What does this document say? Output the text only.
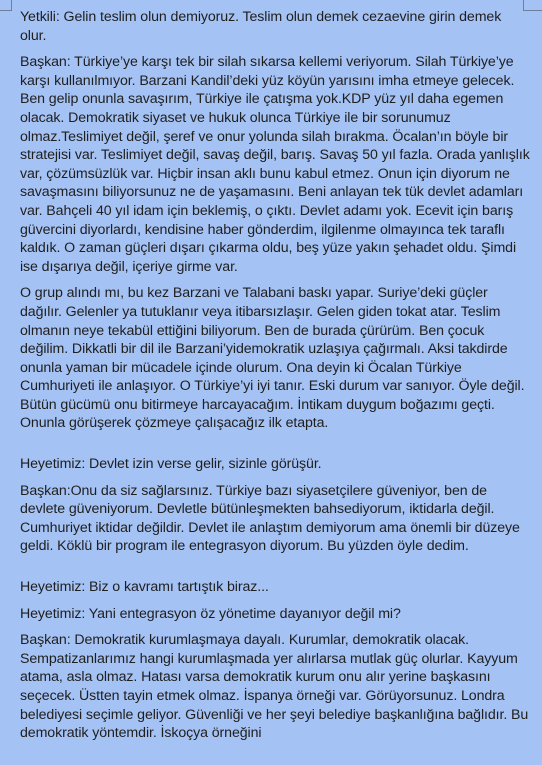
Yetkili: Gelin teslim olun demiyoruz. Teslim olun demek cezaevine girin demek olur.

Başkan: Türkiye’ye karşı tek bir silah sıkarsa kellemi veriyorum. Silah Türkiye’ye karşı kullanılmıyor. Barzani Kandil’deki yüz köyün yarısını imha etmeye gelecek. Ben gelip onunla savaşırım, Türkiye ile çatışma yok.KDP yüz yıl daha egemen olacak. Demokratik siyaset ve hukuk olunca Türkiye ile bir sorunumuz olmaz.Teslimiyet değil, şeref ve onur yolunda silah bırakma. Öcalan’ın böyle bir stratejisi var. Teslimiyet değil, savaş değil, barış. Savaş 50 yıl fazla. Orada yanlışlık var, çözümsüzlük var. Hiçbir insan aklı bunu kabul etmez. Onun için diyorum ne savaşmasını biliyorsunuz ne de yaşamasını. Beni anlayan tek tük devlet adamları var. Bahçeli 40 yıl idam için beklemiş, o çıktı. Devlet adamı yok. Ecevit için barış güvercini diyorlardı, kendisine haber gönderdim, ilgilenme olmayınca tek taraflı kaldık. O zaman güçleri dışarı çıkarma oldu, beş yüze yakın şehadet oldu. Şimdi ise dışarıya değil, içeriye girme var.

O grup alındı mı, bu kez Barzani ve Talabani baskı yapar. Suriye’deki güçler dağılır. Gelenler ya tutuklanır veya itibarsızlaşır. Gelen giden tokat atar. Teslim olmanın neye tekabül ettiğini biliyorum. Ben de burada çürürüm. Ben çocuk değilim. Dikkatli bir dil ile Barzani’yidemokratik uzlaşıya çağırmalı. Aksi takdirde onunla yaman bir mücadele içinde olurum. Ona deyin ki Öcalan Türkiye Cumhuriyeti ile anlaşıyor. O Türkiye’yi iyi tanır. Eski durum var sanıyor. Öyle değil. Bütün gücümü onu bitirmeye harcayacağım. İntikam duygum boğazımı geçti. Onunla görüşerek çözmeye çalışacağız ilk etapta.

Heyetimiz: Devlet izin verse gelir, sizinle görüşür.

Başkan:Onu da siz sağlarsınız. Türkiye bazı siyasetçilere güveniyor, ben de devlete güveniyorum. Devletle bütünleşmekten bahsediyorum, iktidarla değil. Cumhuriyet iktidar değildir. Devlet ile anlaştım demiyorum ama önemli bir düzeye geldi. Köklü bir program ile entegrasyon diyorum. Bu yüzden öyle dedim.

Heyetimiz: Biz o kavramı tartıştık biraz...

Heyetimiz: Yani entegrasyon öz yönetime dayanıyor değil mi?

Başkan: Demokratik kurumlaşmaya dayalı. Kurumlar, demokratik olacak. Sempatizanlarımız hangi kurumlaşmada yer alırlarsa mutlak güç olurlar. Kayyum atama, asla olmaz. Hatası varsa demokratik kurum onu alır yerine başkasını seçecek. Üstten tayin etmek olmaz. İspanya örneği var. Görüyorsunuz. Londra belediyesi seçimle geliyor. Güvenliği ve her şeyi belediye başkanlığına bağlıdır. Bu demokratik yöntemdir. İskoçya örneğini
